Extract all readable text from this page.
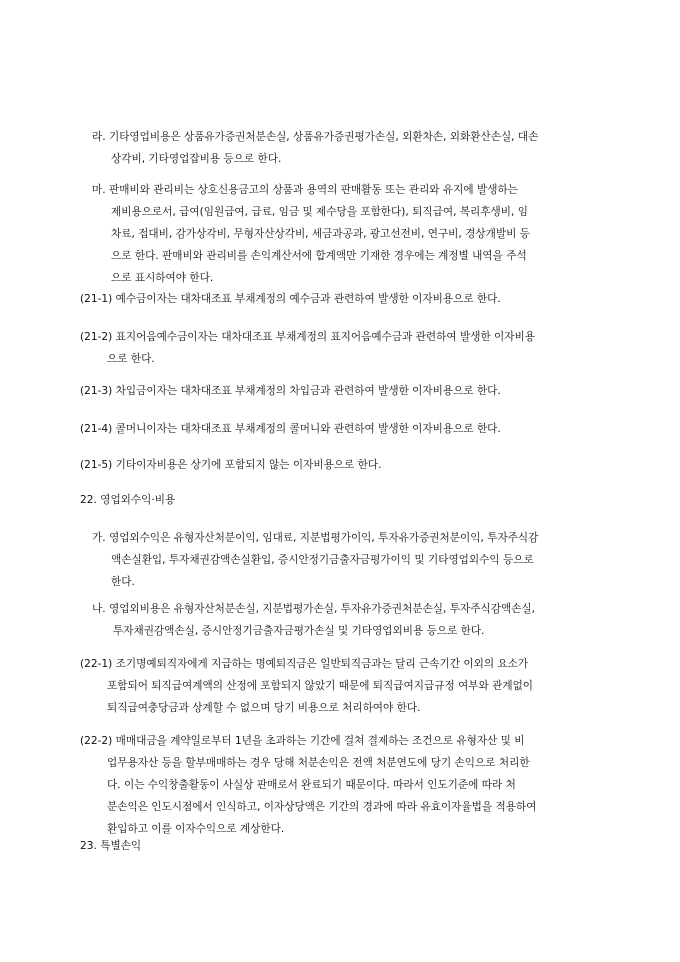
라. 기타영업비용은 상품유가증권처분손실, 상품유가증권평가손실, 외환차손, 외화환산손실, 대손
상각비, 기타영업잡비용 등으로 한다.
마. 판매비와 관리비는 상호신용금고의 상품과 용역의 판매활동 또는 관리와 유지에 발생하는
제비용으로서, 급여(임원급여, 급료, 임금 및 제수당을 포함한다), 퇴직급여, 복리후생비, 임
차료, 접대비, 감가상각비, 무형자산상각비, 세금과공과, 광고선전비, 연구비, 경상개발비 등
으로 한다. 판매비와 관리비를 손익계산서에 합계액만 기재한 경우에는 계정별 내역을 주석
으로 표시하여야 한다.
(21-1) 예수금이자는 대차대조표 부채계정의 예수금과 관련하여 발생한 이자비용으로 한다.
(21-2) 표지어음예수금이자는 대차대조표 부채계정의 표지어음예수금과 관련하여 발생한 이자비용
으로 한다.
(21-3) 차입금이자는 대차대조표 부채계정의 차입금과 관련하여 발생한 이자비용으로 한다.
(21-4) 콜머니이자는 대차대조표 부채계정의 콜머니와 관련하여 발생한 이자비용으로 한다.
(21-5) 기타이자비용은 상기에 포함되지 않는 이자비용으로 한다.
22. 영업외수익·비용
가. 영업외수익은 유형자산처분이익, 임대료, 지분법평가이익, 투자유가증권처분이익, 투자주식감
액손실환입, 투자채권감액손실환입, 증시안정기금출자금평가이익 및 기타영업외수익 등으로
한다.
나. 영업외비용은 유형자산처분손실, 지분법평가손실, 투자유가증권처분손실, 투자주식감액손실,
투자채권감액손실, 증시안정기금출자금평가손실 및 기타영업외비용 등으로 한다.
(22-1) 조기명예퇴직자에게 지급하는 명예퇴직금은 일반퇴직금과는 달리 근속기간 이외의 요소가
포함되어 퇴직급여계액의 산정에 포함되지 않았기 때문에 퇴직급여지급규정 여부와 관계없이
퇴직급여충당금과 상계할 수 없으며 당기 비용으로 처리하여야 한다.
(22-2) 매매대금을 계약일로부터 1년을 초과하는 기간에 걸쳐 결제하는 조건으로 유형자산 및 비
업무용자산 등을 할부매매하는 경우 당해 처분손익은 전액 처분연도에 당기 손익으로 처리한
다. 이는 수익창출활동이 사실상 판매로서 완료되기 때문이다. 따라서 인도기준에 따라 처
분손익은 인도시점에서 인식하고, 이자상당액은 기간의 경과에 따라 유효이자율법을 적용하여
환입하고 이를 이자수익으로 계상한다.
23. 특별손익
